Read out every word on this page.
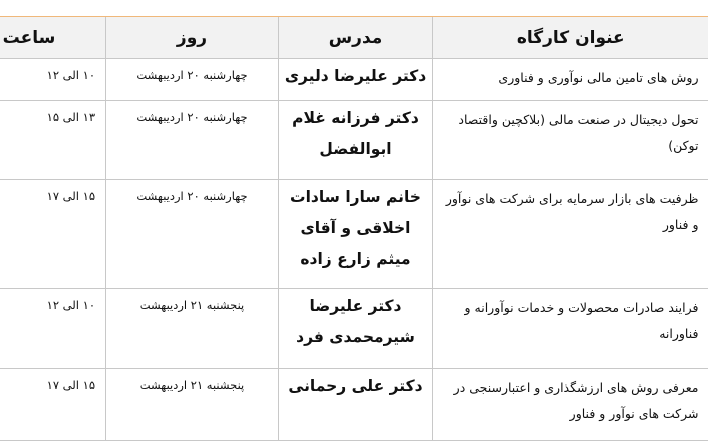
عنوان کارگاه	مدرس	روز	ساعت
روش های تامین مالی نوآوری و فناوری	دکتر علیرضا دلیری	چهارشنبه ۲۰ اردیبهشت	۱۰ الی ۱۲
تحول دیجیتال در صنعت مالی (بلاکچین واقتصاد توکن)	دکتر فرزانه غلام ابوالفضل	چهارشنبه ۲۰ اردیبهشت	۱۳ الی ۱۵
ظرفیت های بازار سرمایه برای شرکت های نوآور و فناور	خانم سارا سادات اخلاقی و آقای میثم زارع زاده	چهارشنبه ۲۰ اردیبهشت	۱۵ الی ۱۷
فرایند صادرات محصولات و خدمات نوآورانه و فناورانه	دکتر علیرضا شیرمحمدی فرد	پنجشنبه ۲۱ اردیبهشت	۱۰ الی ۱۲
معرفی روش های ارزشگذاری و اعتبارسنجی در شرکت های نوآور و فناور	دکتر علی رحمانی	پنجشنبه ۲۱ اردیبهشت	۱۵ الی ۱۷
